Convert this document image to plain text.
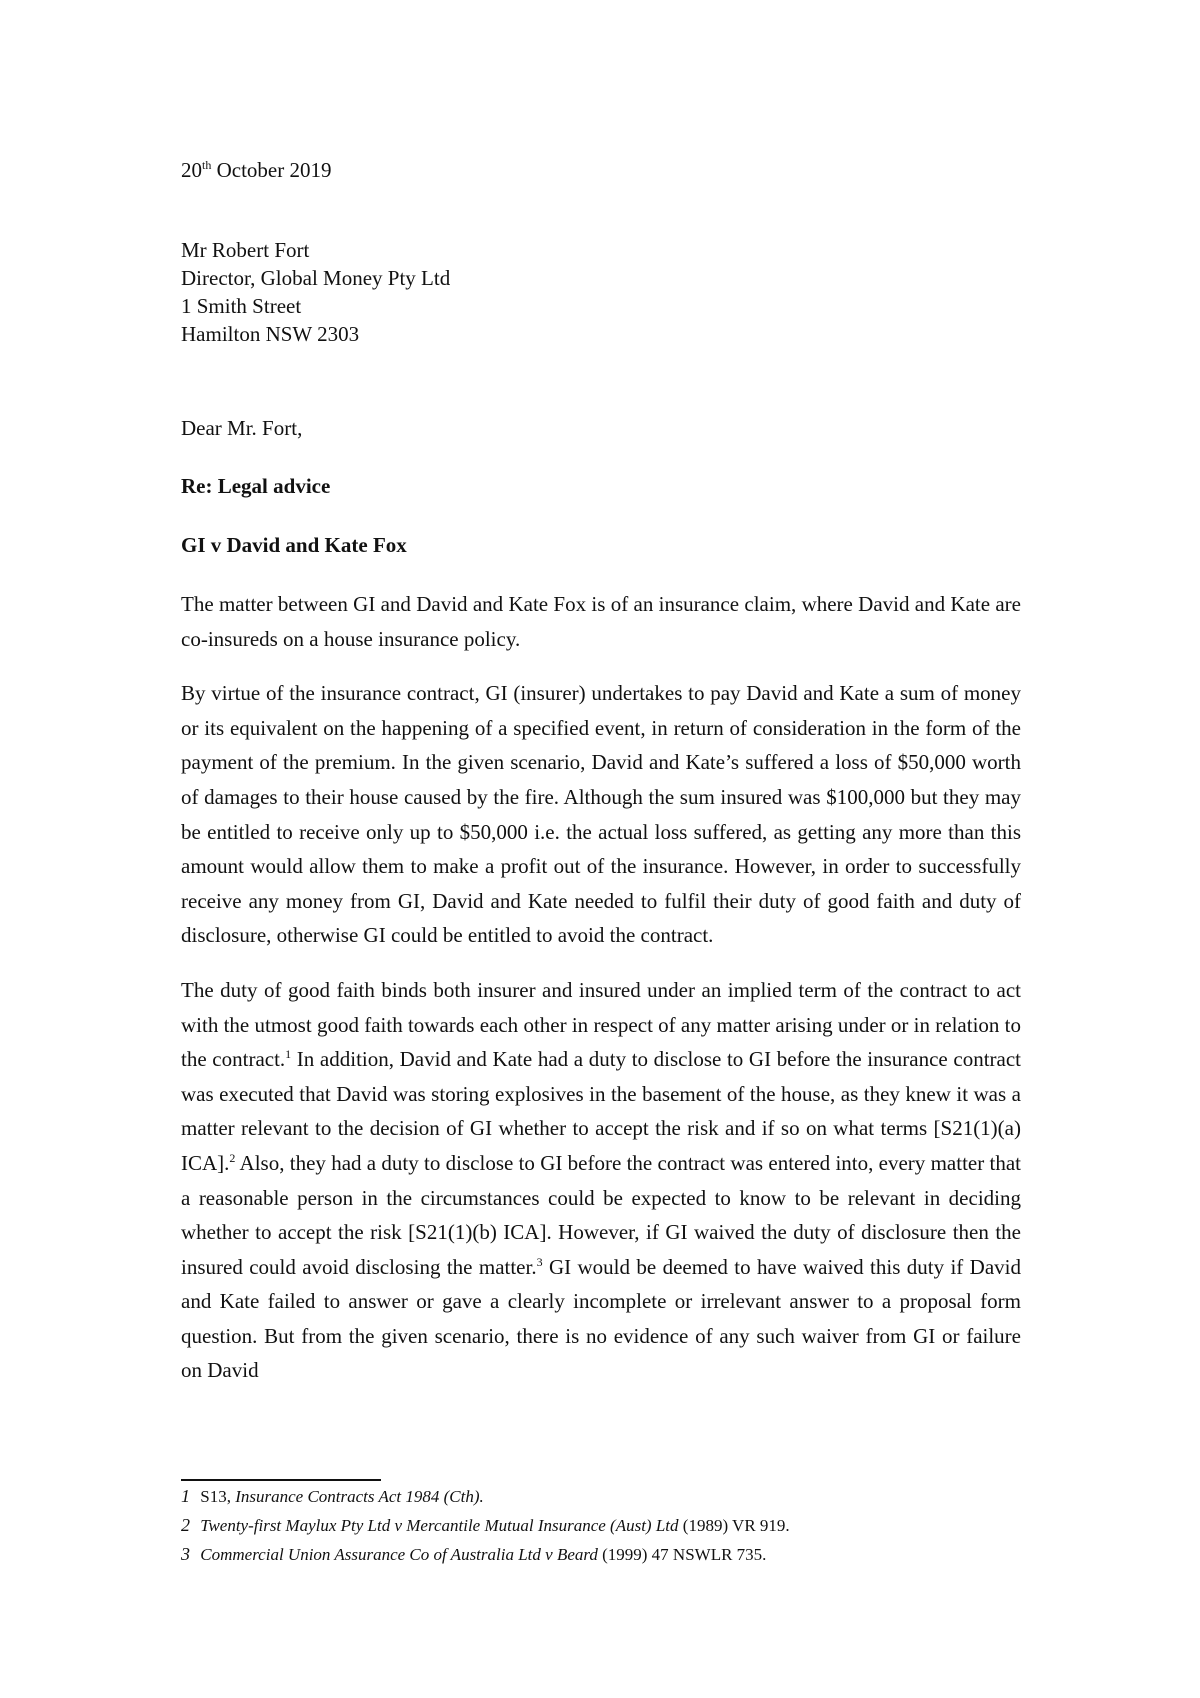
20th October 2019
Mr Robert Fort
Director, Global Money Pty Ltd
1 Smith Street
Hamilton NSW 2303
Dear Mr. Fort,
Re: Legal advice
GI v David and Kate Fox

The matter between GI and David and Kate Fox is of an insurance claim, where David and Kate are co-insureds on a house insurance policy.

By virtue of the insurance contract, GI (insurer) undertakes to pay David and Kate a sum of money or its equivalent on the happening of a specified event, in return of consideration in the form of the payment of the premium. In the given scenario, David and Kate’s suffered a loss of $50,000 worth of damages to their house caused by the fire. Although the sum insured was $100,000 but they may be entitled to receive only up to $50,000 i.e. the actual loss suffered, as getting any more than this amount would allow them to make a profit out of the insurance. However, in order to successfully receive any money from GI, David and Kate needed to fulfil their duty of good faith and duty of disclosure, otherwise GI could be entitled to avoid the contract.

The duty of good faith binds both insurer and insured under an implied term of the contract to act with the utmost good faith towards each other in respect of any matter arising under or in relation to the contract.$^1$ In addition, David and Kate had a duty to disclose to GI before the insurance contract was executed that David was storing explosives in the basement of the house, as they knew it was a matter relevant to the decision of GI whether to accept the risk and if so on what terms [S21(1)(a) ICA].$^2$ Also, they had a duty to disclose to GI before the contract was entered into, every matter that a reasonable person in the circumstances could be expected to know to be relevant in deciding whether to accept the risk [S21(1)(b) ICA]. However, if GI waived the duty of disclosure then the insured could avoid disclosing the matter.$^3$ GI would be deemed to have waived this duty if David and Kate failed to answer or gave a clearly incomplete or irrelevant answer to a proposal form question. But from the given scenario, there is no evidence of any such waiver from GI or failure on David

1 S13, Insurance Contracts Act 1984 (Cth).
2 Twenty-first Maylux Pty Ltd v Mercantile Mutual Insurance (Aust) Ltd (1989) VR 919.
3 Commercial Union Assurance Co of Australia Ltd v Beard (1999) 47 NSWLR 735.
